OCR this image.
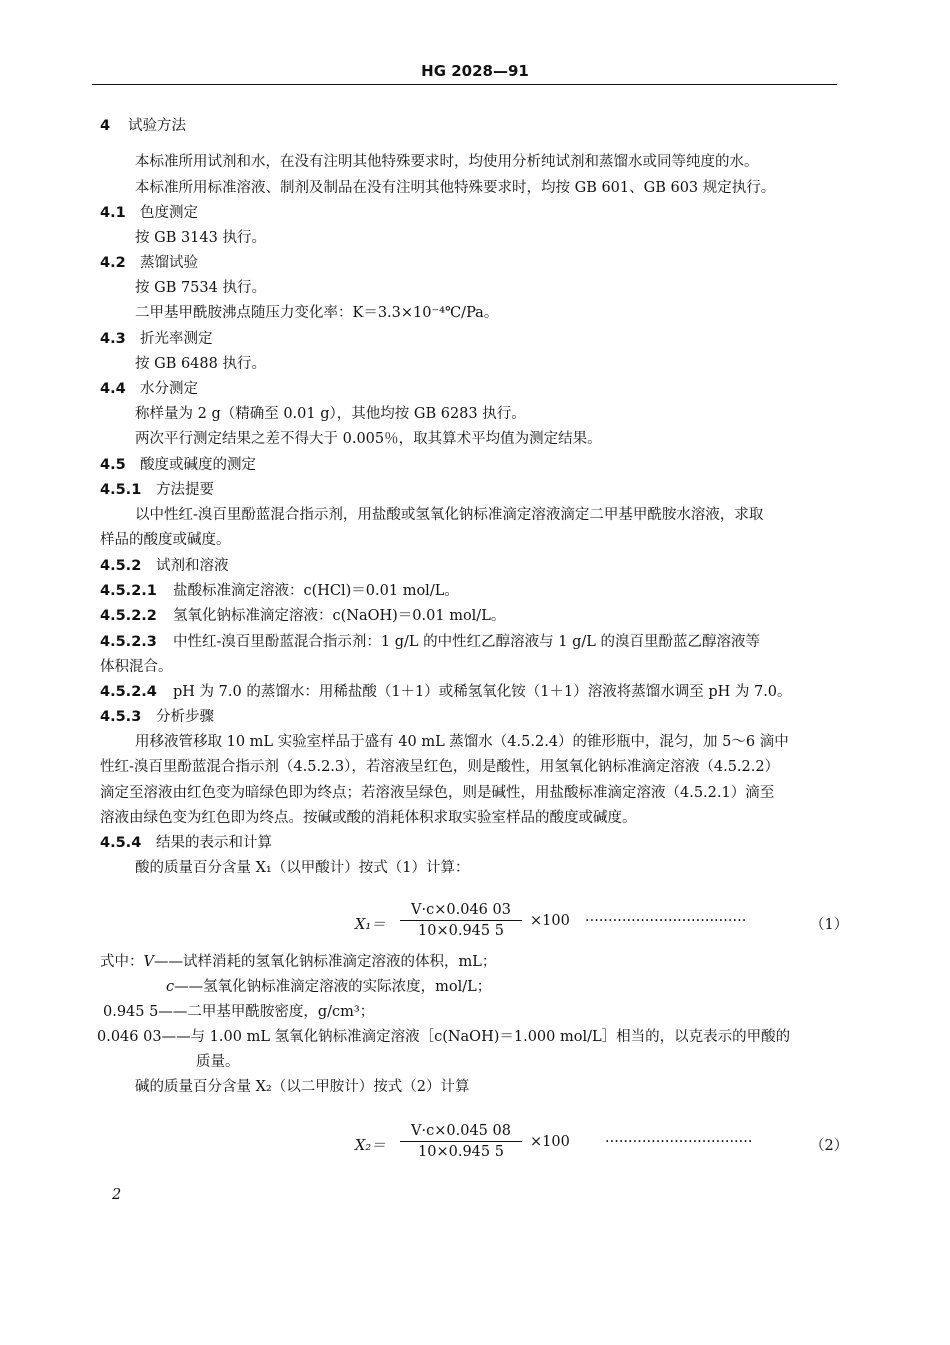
HG 2028—91
4 试验方法
本标准所用试剂和水，在没有注明其他特殊要求时，均使用分析纯试剂和蒸馏水或同等纯度的水。
本标准所用标准溶液、制剂及制品在没有注明其他特殊要求时，均按 GB 601、GB 603 规定执行。
4.1 色度测定
按 GB 3143 执行。
4.2 蒸馏试验
按 GB 7534 执行。
二甲基甲酰胺沸点随压力变化率：K＝3.3×10⁻⁴℃/Pa。
4.3 折光率测定
按 GB 6488 执行。
4.4 水分测定
称样量为 2 g（精确至 0.01 g），其他均按 GB 6283 执行。
两次平行测定结果之差不得大于 0.005％，取其算术平均值为测定结果。
4.5 酸度或碱度的测定
4.5.1 方法提要
以中性红-溴百里酚蓝混合指示剂，用盐酸或氢氧化钠标准滴定溶液滴定二甲基甲酰胺水溶液，求取
样品的酸度或碱度。
4.5.2 试剂和溶液
4.5.2.1 盐酸标准滴定溶液：c(HCl)＝0.01 mol/L。
4.5.2.2 氢氧化钠标准滴定溶液：c(NaOH)＝0.01 mol/L。
4.5.2.3 中性红-溴百里酚蓝混合指示剂：1 g/L 的中性红乙醇溶液与 1 g/L 的溴百里酚蓝乙醇溶液等
体积混合。
4.5.2.4 pH 为 7.0 的蒸馏水：用稀盐酸（1＋1）或稀氢氧化铵（1＋1）溶液将蒸馏水调至 pH 为 7.0。
4.5.3 分析步骤
用移液管移取 10 mL 实验室样品于盛有 40 mL 蒸馏水（4.5.2.4）的锥形瓶中，混匀，加 5～6 滴中
性红-溴百里酚蓝混合指示剂（4.5.2.3），若溶液呈红色，则是酸性，用氢氧化钠标准滴定溶液（4.5.2.2）
滴定至溶液由红色变为暗绿色即为终点；若溶液呈绿色，则是碱性，用盐酸标准滴定溶液（4.5.2.1）滴至
溶液由绿色变为红色即为终点。按碱或酸的消耗体积求取实验室样品的酸度或碱度。
4.5.4 结果的表示和计算
酸的质量百分含量 X₁（以甲酸计）按式（1）计算：
X₁＝
V·c×0.046 03
10×0.945 5
×100 ···································	（1）
式中：V——试样消耗的氢氧化钠标准滴定溶液的体积，mL；
c——氢氧化钠标准滴定溶液的实际浓度，mol/L；
0.945 5——二甲基甲酰胺密度，g/cm³；
0.046 03——与 1.00 mL 氢氧化钠标准滴定溶液［c(NaOH)＝1.000 mol/L］相当的，以克表示的甲酸的
质量。
碱的质量百分含量 X₂（以二甲胺计）按式（2）计算
X₂＝
V·c×0.045 08
10×0.945 5
×100 ································	（2）
2
